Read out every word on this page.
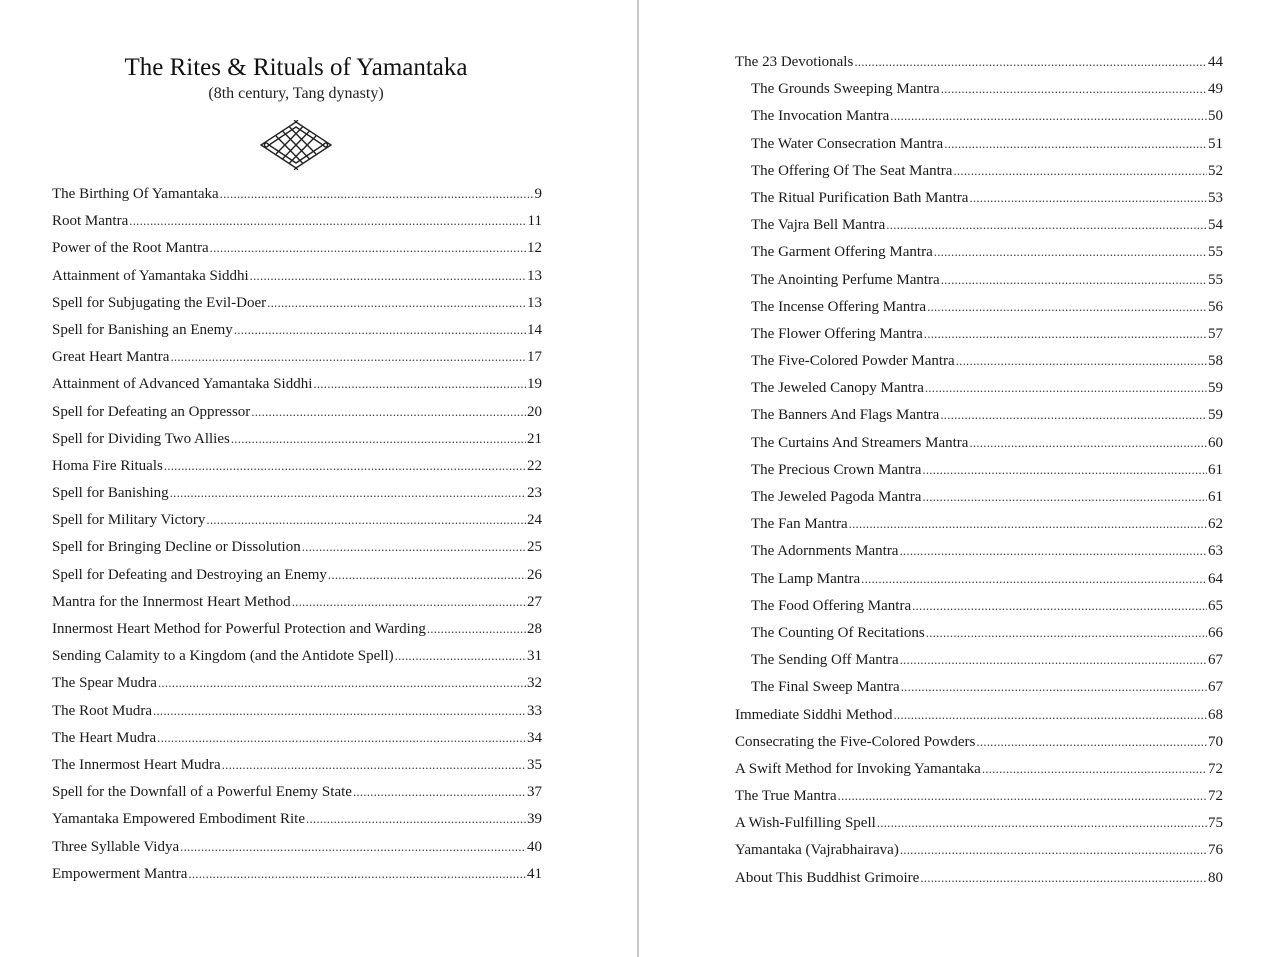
The Rites & Rituals of Yamantaka
(8th century, Tang dynasty)
The Birthing Of Yamantaka .....	9
Root Mantra .....	11
Power of the Root Mantra .....	12
Attainment of Yamantaka Siddhi .....	13
Spell for Subjugating the Evil-Doer .....	13
Spell for Banishing an Enemy .....	14
Great Heart Mantra .....	17
Attainment of Advanced Yamantaka Siddhi .....	19
Spell for Defeating an Oppressor .....	20
Spell for Dividing Two Allies .....	21
Homa Fire Rituals .....	22
Spell for Banishing .....	23
Spell for Military Victory .....	24
Spell for Bringing Decline or Dissolution .....	25
Spell for Defeating and Destroying an Enemy .....	26
Mantra for the Innermost Heart Method .....	27
Innermost Heart Method for Powerful Protection and Warding .....	28
Sending Calamity to a Kingdom (and the Antidote Spell) .....	31
The Spear Mudra .....	32
The Root Mudra .....	33
The Heart Mudra .....	34
The Innermost Heart Mudra .....	35
Spell for the Downfall of a Powerful Enemy State .....	37
Yamantaka Empowered Embodiment Rite .....	39
Three Syllable Vidya .....	40
Empowerment Mantra .....	41
The 23 Devotionals .....	44
The Grounds Sweeping Mantra .....	49
The Invocation Mantra .....	50
The Water Consecration Mantra .....	51
The Offering Of The Seat Mantra .....	52
The Ritual Purification Bath Mantra .....	53
The Vajra Bell Mantra .....	54
The Garment Offering Mantra .....	55
The Anointing Perfume Mantra .....	55
The Incense Offering Mantra .....	56
The Flower Offering Mantra .....	57
The Five-Colored Powder Mantra .....	58
The Jeweled Canopy Mantra .....	59
The Banners And Flags Mantra .....	59
The Curtains And Streamers Mantra .....	60
The Precious Crown Mantra .....	61
The Jeweled Pagoda Mantra .....	61
The Fan Mantra .....	62
The Adornments Mantra .....	63
The Lamp Mantra .....	64
The Food Offering Mantra .....	65
The Counting Of Recitations .....	66
The Sending Off Mantra .....	67
The Final Sweep Mantra .....	67
Immediate Siddhi Method .....	68
Consecrating the Five-Colored Powders .....	70
A Swift Method for Invoking Yamantaka .....	72
The True Mantra .....	72
A Wish-Fulfilling Spell .....	75
Yamantaka (Vajrabhairava) .....	76
About This Buddhist Grimoire .....	80
